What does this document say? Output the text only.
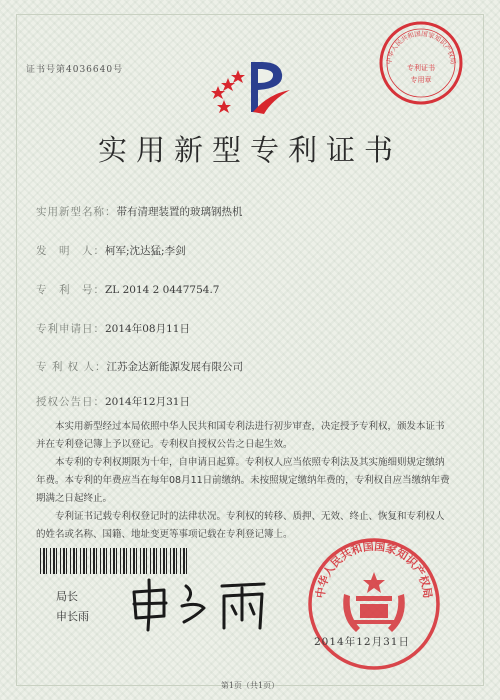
证书号第4036640号
中华人民共和国国家知识产权局
专利证书
专用章
实用新型专利证书
实用新型名称：带有清理装置的玻璃钢热机
发　明　人：柯军;沈达猛;李剑
专　利　号：ZL 2014 2 0447754.7
专利申请日：2014年08月11日
专 利 权 人：江苏金达新能源发展有限公司
授权公告日：2014年12月31日

本实用新型经过本局依照中华人民共和国专利法进行初步审查，决定授予专利权，颁发本证书并在专利登记簿上予以登记。专利权自授权公告之日起生效。

本专利的专利权期限为十年，自申请日起算。专利权人应当依照专利法及其实施细则规定缴纳年费。本专利的年费应当在每年08月11日前缴纳。未按照规定缴纳年费的，专利权自应当缴纳年费期满之日起终止。

专利证书记载专利权登记时的法律状况。专利权的转移、质押、无效、终止、恢复和专利权人的姓名或名称、国籍、地址变更等事项记载在专利登记簿上。

局长
申长雨
中华人民共和国国家知识产权局
2014年12月31日
第1页（共1页）
